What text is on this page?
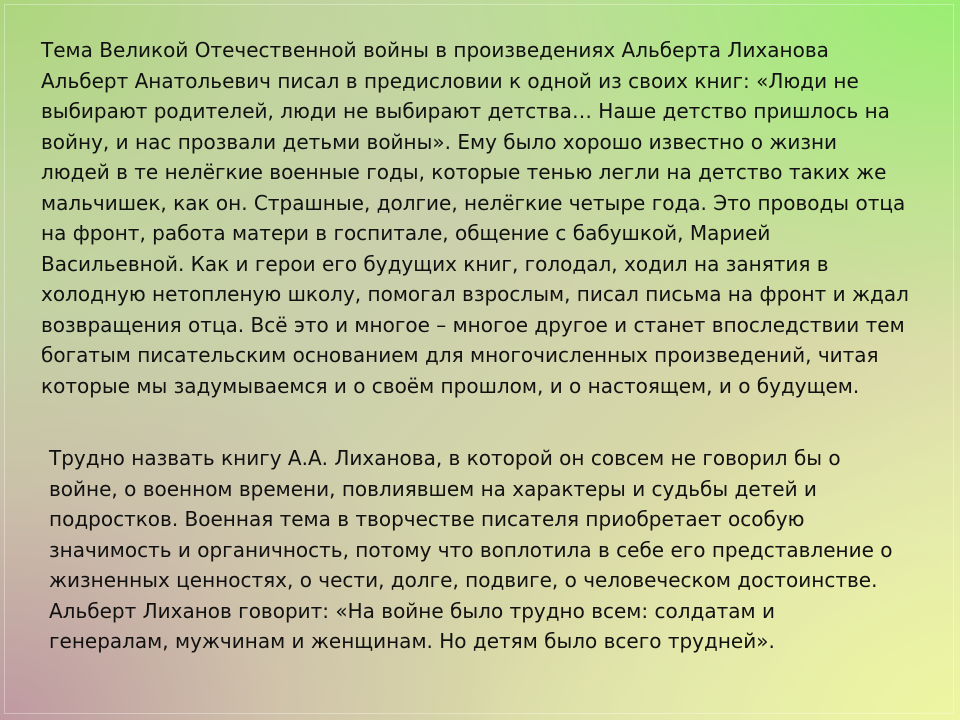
Тема Великой Отечественной войны в произведениях Альберта Лиханова
Альберт Анатольевич писал в предисловии к одной из своих книг: «Люди не
выбирают родителей, люди не выбирают детства… Наше детство пришлось на
войну, и нас прозвали детьми войны». Ему было хорошо известно о жизни
людей в те нелёгкие военные годы, которые тенью легли на детство таких же
мальчишек, как он. Страшные, долгие, нелёгкие четыре года. Это проводы отца
на фронт, работа матери в госпитале, общение с бабушкой, Марией
Васильевной. Как и герои его будущих книг, голодал, ходил на занятия в
холодную нетопленую школу, помогал взрослым, писал письма на фронт и ждал
возвращения отца. Всё это и многое – многое другое и станет впоследствии тем
богатым писательским основанием для многочисленных произведений, читая
которые мы задумываемся и о своём прошлом, и о настоящем, и о будущем.

Трудно назвать книгу А.А. Лиханова, в которой он совсем не говорил бы о
войне, о военном времени, повлиявшем на характеры и судьбы детей и
подростков. Военная тема в творчестве писателя приобретает особую
значимость и органичность, потому что воплотила в себе его представление о
жизненных ценностях, о чести, долге, подвиге, о человеческом достоинстве.
Альберт Лиханов говорит: «На войне было трудно всем: солдатам и
генералам, мужчинам и женщинам. Но детям было всего трудней».
